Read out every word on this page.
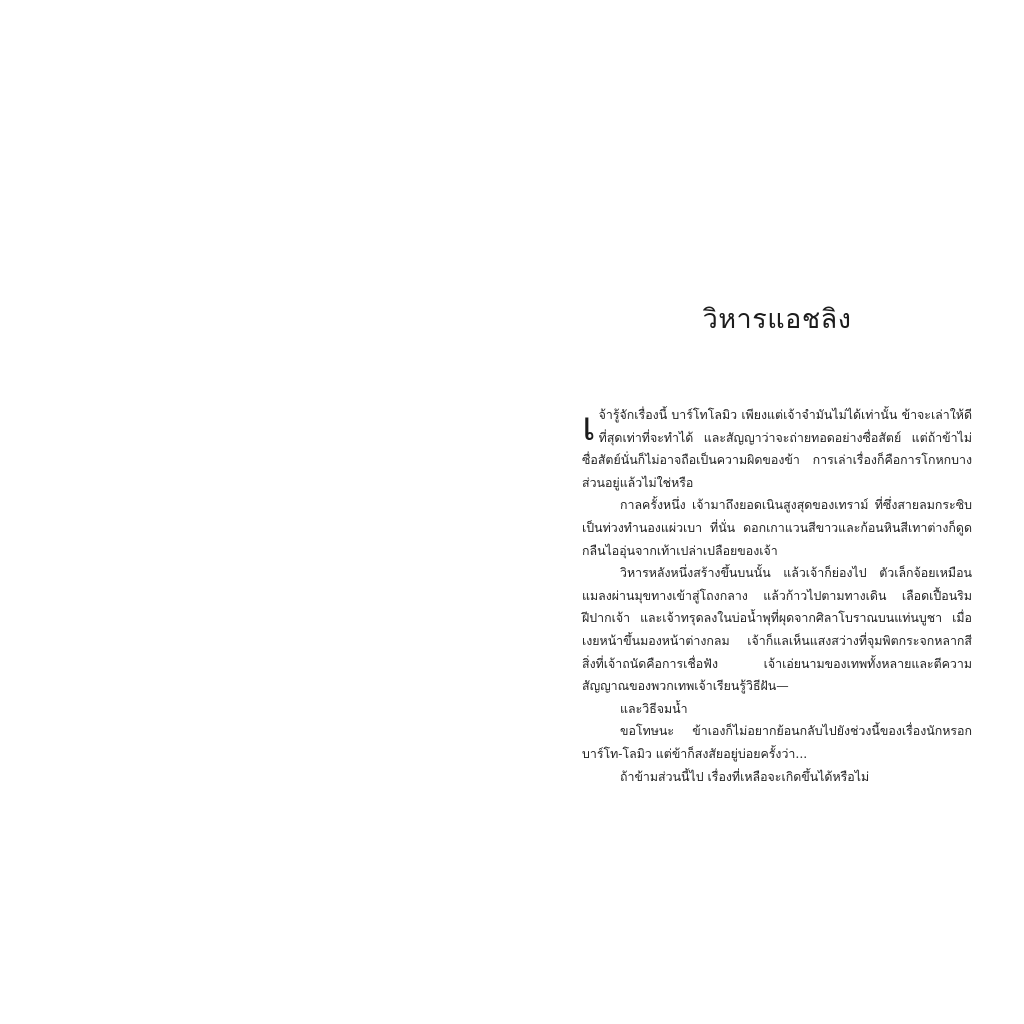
วิหารแอชลิง

เจ้ารู้จักเรื่องนี้ บาร์โทโลมิว เพียงแต่เจ้าจำมันไม่ได้เท่านั้น ข้าจะเล่าให้ดีที่สุดเท่าที่จะทำได้ และสัญญาว่าจะถ่ายทอดอย่างซื่อสัตย์ แต่ถ้าข้าไม่ซื่อสัตย์นั่นก็ไม่อาจถือเป็นความผิดของข้า การเล่าเรื่องก็คือการโกหกบางส่วนอยู่แล้วไม่ใช่หรือ

กาลครั้งหนึ่ง เจ้ามาถึงยอดเนินสูงสุดของเทราม์ ที่ซึ่งสายลมกระซิบเป็นท่วงทำนองแผ่วเบา ที่นั่น ดอกเกาแวนสีขาวและก้อนหินสีเทาต่างก็ดูดกลืนไออุ่นจากเท้าเปล่าเปลือยของเจ้า

วิหารหลังหนึ่งสร้างขึ้นบนนั้น แล้วเจ้าก็ย่องไป ตัวเล็กจ้อยเหมือนแมลงผ่านมุขทางเข้าสู่โถงกลาง แล้วก้าวไปตามทางเดิน เลือดเปื้อนริมฝีปากเจ้า และเจ้าทรุดลงในบ่อน้ำพุที่ผุดจากศิลาโบราณบนแท่นบูชา เมื่อเงยหน้าขึ้นมองหน้าต่างกลม เจ้าก็แลเห็นแสงสว่างที่จุมพิตกระจกหลากสี สิ่งที่เจ้าถนัดคือการเชื่อฟัง เจ้าเอ่ยนามของเทพทั้งหลายและตีความสัญญาณของพวกเทพเจ้าเรียนรู้วิธีฝัน—

และวิธีจมน้ำ

ขอโทษนะ ข้าเองก็ไม่อยากย้อนกลับไปยังช่วงนี้ของเรื่องนักหรอก บาร์โท-โลมิว แต่ข้าก็สงสัยอยู่บ่อยครั้งว่า...

ถ้าข้ามส่วนนี้ไป เรื่องที่เหลือจะเกิดขึ้นได้หรือไม่
